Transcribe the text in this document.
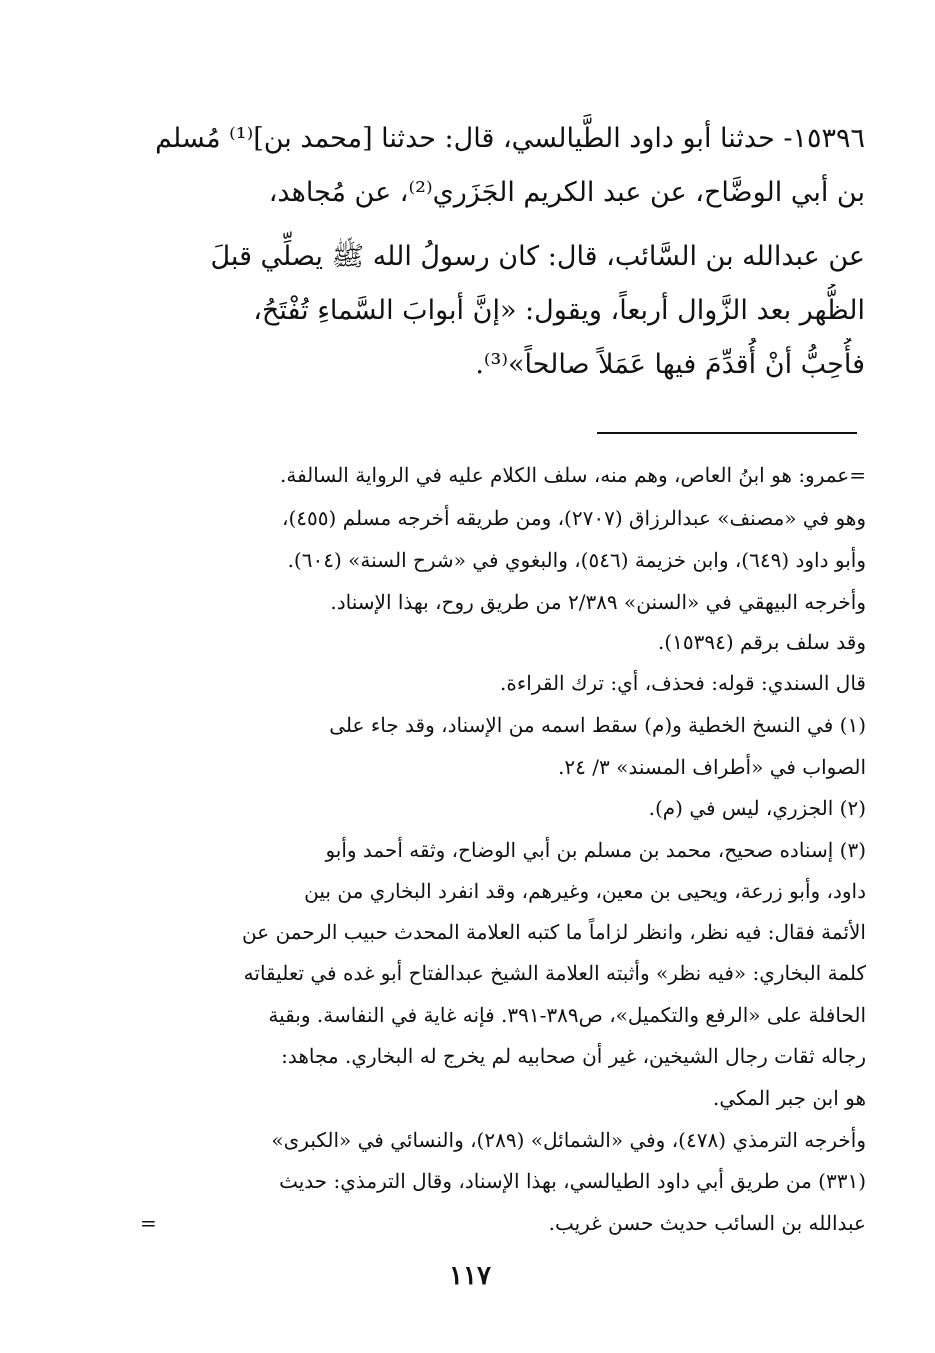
١٥٣٩٦- حدثنا أبو داود الطَّيالسي، قال: حدثنا [محمد بن]⁽¹⁾ مُسلم
بن أبي الوضَّاح، عن عبد الكريم الجَزَري⁽²⁾، عن مُجاهد،
عن عبدالله بن السَّائب، قال: كان رسولُ الله ﷺ يصلِّي قبلَ
الظُّهر بعد الزَّوال أربعاً، ويقول: «إنَّ أبوابَ السَّماءِ تُفْتَحُ،
فأُحِبُّ أنْ أُقدِّمَ فيها عَمَلاً صالحاً»⁽³⁾.
=عمرو: هو ابنُ العاص، وهم منه، سلف الكلام عليه في الرواية السالفة.
وهو في «مصنف» عبدالرزاق (٢٧٠٧)، ومن طريقه أخرجه مسلم (٤٥٥)،
وأبو داود (٦٤٩)، وابن خزيمة (٥٤٦)، والبغوي في «شرح السنة» (٦٠٤).
وأخرجه البيهقي في «السنن» ٢/٣٨٩ من طريق روح، بهذا الإسناد.
وقد سلف برقم (١٥٣٩٤).
قال السندي: قوله: فحذف، أي: ترك القراءة.
(١) في النسخ الخطية و(م) سقط اسمه من الإسناد، وقد جاء على
الصواب في «أطراف المسند» ٣/ ٢٤.
(٢) الجزري، ليس في (م).
(٣) إسناده صحيح، محمد بن مسلم بن أبي الوضاح، وثقه أحمد وأبو
داود، وأبو زرعة، ويحيى بن معين، وغيرهم، وقد انفرد البخاري من بين
الأئمة فقال: فيه نظر، وانظر لزاماً ما كتبه العلامة المحدث حبيب الرحمن عن
كلمة البخاري: «فيه نظر» وأثبته العلامة الشيخ عبدالفتاح أبو غده في تعليقاته
الحافلة على «الرفع والتكميل»، ص٣٨٩-٣٩١. فإنه غاية في النفاسة. وبقية
رجاله ثقات رجال الشيخين، غير أن صحابيه لم يخرج له البخاري. مجاهد:
هو ابن جبر المكي.
وأخرجه الترمذي (٤٧٨)، وفي «الشمائل» (٢٨٩)، والنسائي في «الكبرى»
(٣٣١) من طريق أبي داود الطيالسي، بهذا الإسناد، وقال الترمذي: حديث
عبدالله بن السائب حديث حسن غريب.
=
١١٧
